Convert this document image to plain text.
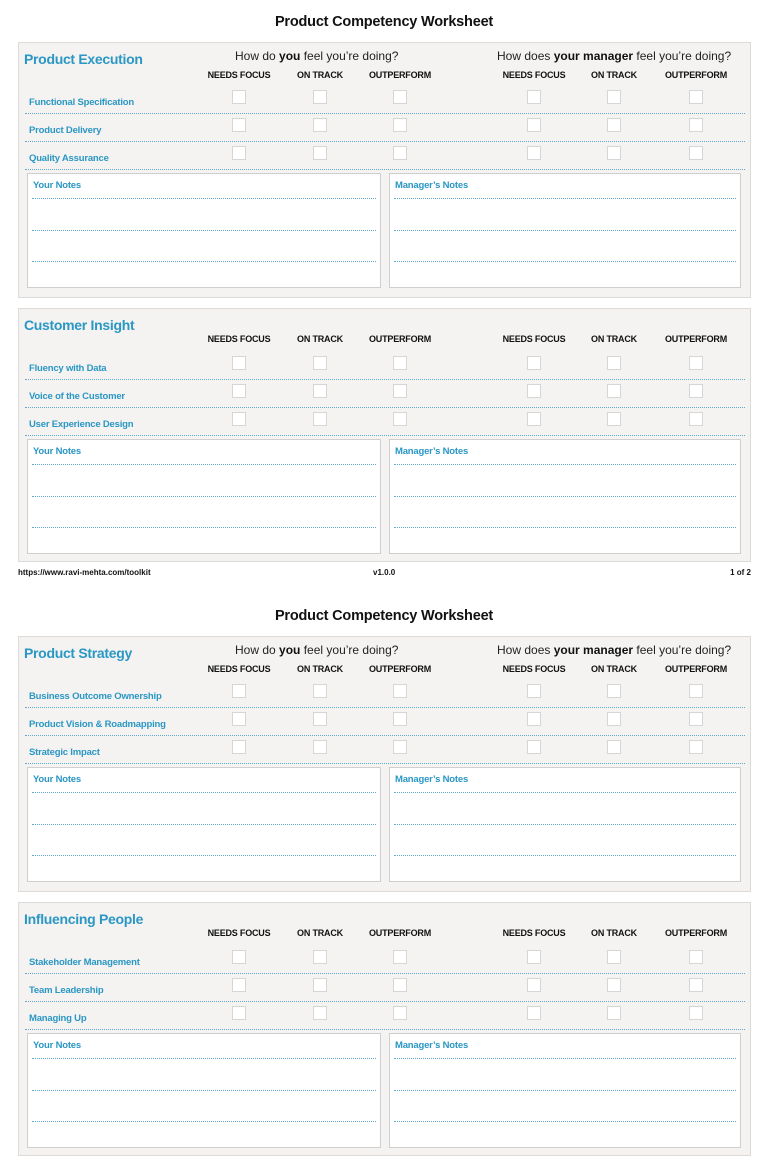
Product Competency Worksheet
Product Execution	How do you feel you’re doing?	How does your manager feel you’re doing?
NEEDS FOCUS	ON TRACK	OUTPERFORM	NEEDS FOCUS	ON TRACK	OUTPERFORM
Functional Specification
Product Delivery
Quality Assurance
Your Notes	Manager’s Notes
Customer Insight
NEEDS FOCUS	ON TRACK	OUTPERFORM	NEEDS FOCUS	ON TRACK	OUTPERFORM
Fluency with Data
Voice of the Customer
User Experience Design
Your Notes	Manager’s Notes
https://www.ravi-mehta.com/toolkit	v1.0.0	1 of 2
Product Competency Worksheet
Product Strategy	How do you feel you’re doing?	How does your manager feel you’re doing?
NEEDS FOCUS	ON TRACK	OUTPERFORM	NEEDS FOCUS	ON TRACK	OUTPERFORM
Business Outcome Ownership
Product Vision & Roadmapping
Strategic Impact
Your Notes	Manager’s Notes
Influencing People
NEEDS FOCUS	ON TRACK	OUTPERFORM	NEEDS FOCUS	ON TRACK	OUTPERFORM
Stakeholder Management
Team Leadership
Managing Up
Your Notes	Manager’s Notes
